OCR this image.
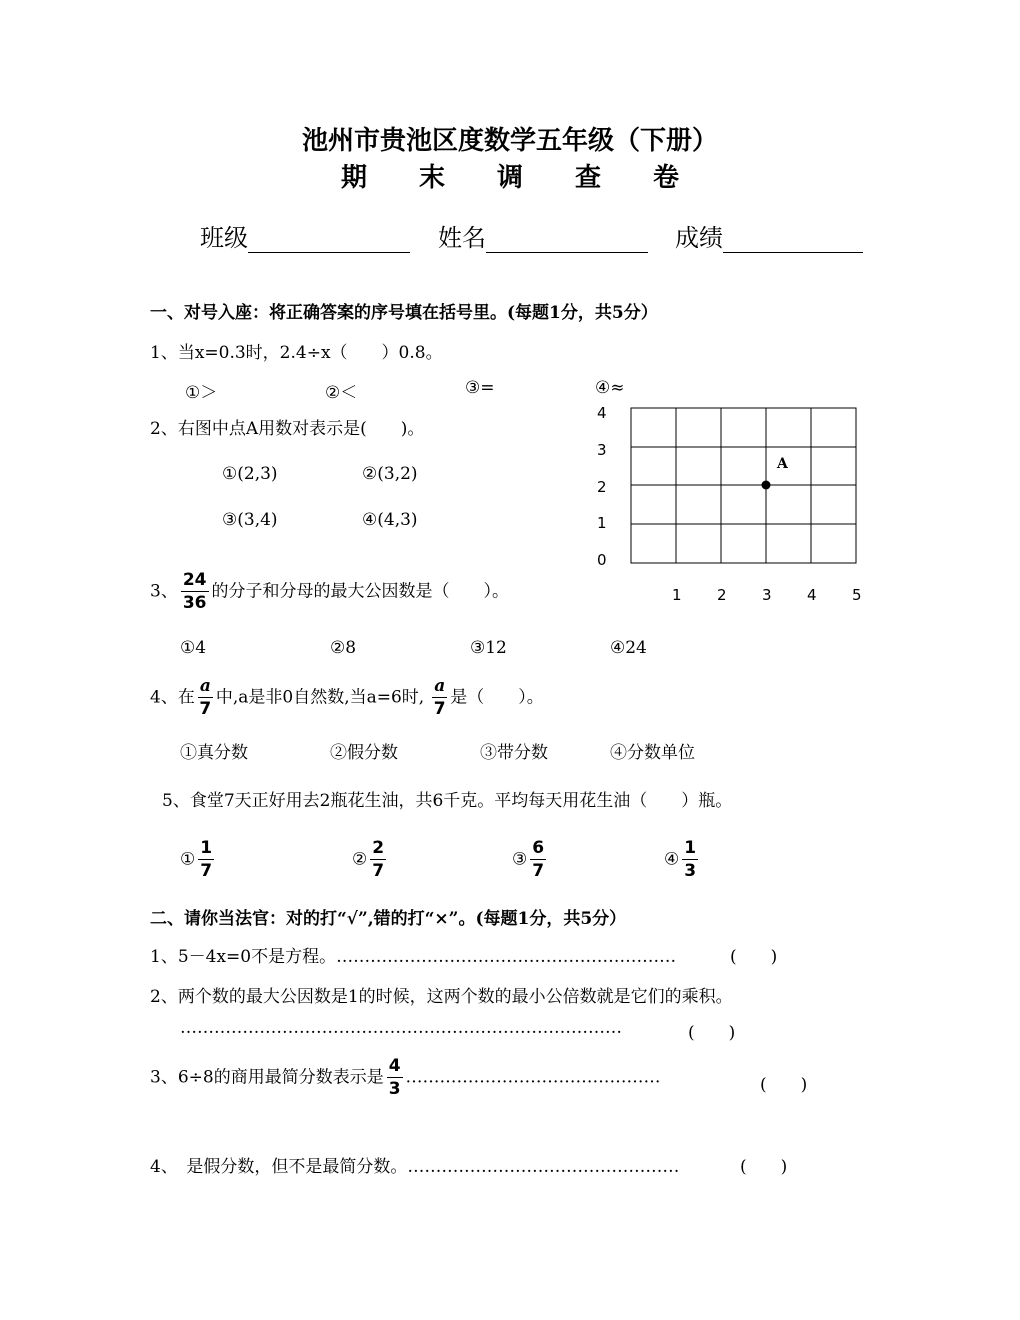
池州市贵池区度数学五年级（下册）
期　　末　　调　　查　　卷
班级	姓名	成绩
一、对号入座：将正确答案的序号填在括号里。(每题1分，共5分）
1、当x=0.3时，2.4÷x（　　）0.8。
①＞	②＜	③=	④≈
2、右图中点A用数对表示是(　　)。
①(2,3)	②(3,2)
③(3,4)	④(4,3)
4
3
2
1
0
1 2 3 4 5
A
3、 $\frac{24}{36}$ 的分子和分母的最大公因数是（　　）。
①4	②8	③12	④24
4、在 $\frac{a}{7}$ 中,a是非0自然数,当a=6时, $\frac{a}{7}$ 是（　　）。
①真分数	②假分数	③带分数	④分数单位
5、食堂7天正好用去2瓶花生油，共6千克。平均每天用花生油（　　）瓶。
① $\frac{1}{7}$	② $\frac{2}{7}$	③ $\frac{6}{7}$	④ $\frac{1}{3}$
二、请你当法官：对的打“√”,错的打“×”。(每题1分，共5分）
1、5－4x=0不是方程。……………………………………………………	(　　)
2、两个数的最大公因数是1的时候，这两个数的最小公倍数就是它们的乘积。
……………………………………………………………………	(　　)
3、6÷8的商用最简分数表示是 $\frac{4}{3}$ ………………………………………	(　　)
4、　是假分数，但不是最简分数。…………………………………………	(　　)
